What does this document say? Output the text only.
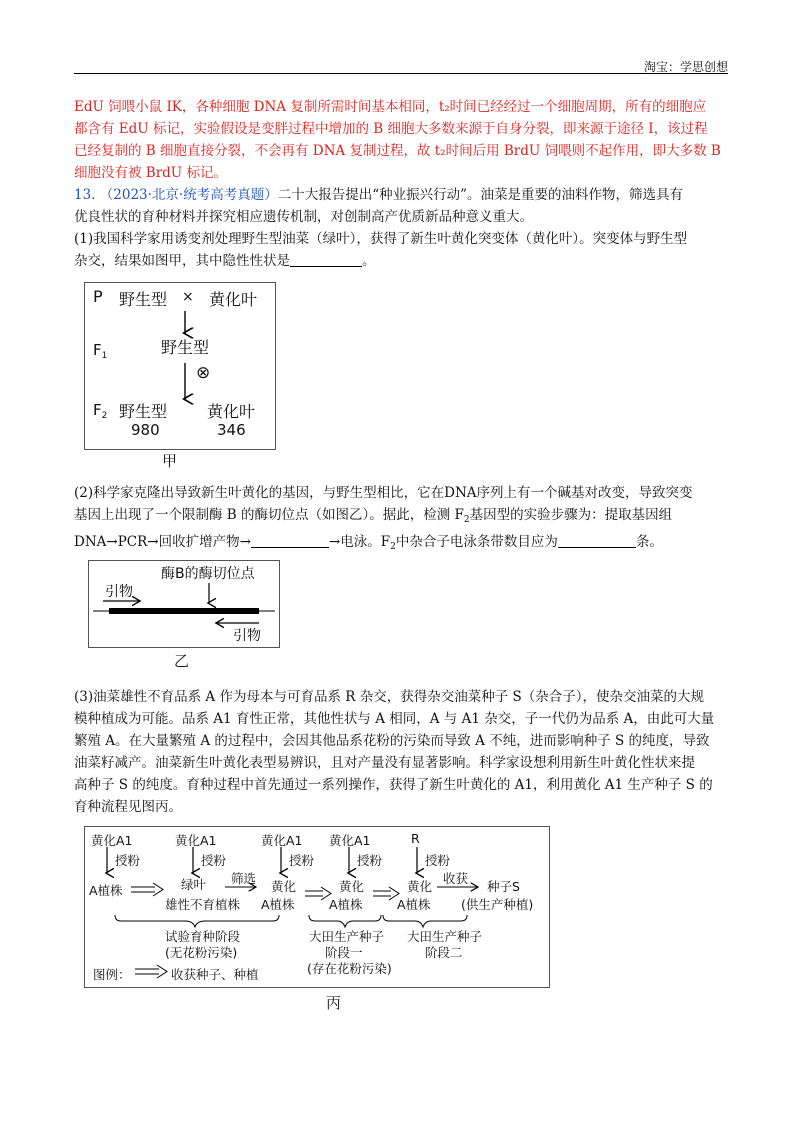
淘宝：学思创想
EdU 饲喂小鼠 IK，各种细胞 DNA 复制所需时间基本相同，t₂时间已经经过一个细胞周期，所有的细胞应
都含有 EdU 标记，实验假设是变胖过程中增加的 B 细胞大多数来源于自身分裂，即来源于途径 I，该过程
已经复制的 B 细胞直接分裂，不会再有 DNA 复制过程，故 t₂时间后用 BrdU 饲喂则不起作用，即大多数 B
细胞没有被 BrdU 标记。
13. （2023·北京·统考高考真题）二十大报告提出“种业振兴行动”。油菜是重要的油料作物，筛选具有
优良性状的育种材料并探究相应遗传机制，对创制高产优质新品种意义重大。
(1)我国科学家用诱变剂处理野生型油菜（绿叶），获得了新生叶黄化突变体（黄化叶）。突变体与野生型
杂交，结果如图甲，其中隐性性状是	。
P 野生型 × 黄化叶
$F_1$	野生型
⊗
$F_2$ 野生型 黄化叶
980	346
甲
(2)科学家克隆出导致新生叶黄化的基因，与野生型相比，它在DNA序列上有一个碱基对改变，导致突变
基因上出现了一个限制酶 B 的酶切位点（如图乙）。据此，检测 $F_2$基因型的实验步骤为：提取基因组
DNA→PCR→回收扩增产物→	→电泳。$F_2$中杂合子电泳条带数目应为	条。
酶B的酶切位点
引物
引物
乙
(3)油菜雄性不育品系 A 作为母本与可育品系 R 杂交，获得杂交油菜种子 S（杂合子），使杂交油菜的大规
模种植成为可能。品系 A1 育性正常，其他性状与 A 相同，A 与 A1 杂交，子一代仍为品系 A，由此可大量
繁殖 A。在大量繁殖 A 的过程中，会因其他品系花粉的污染而导致 A 不纯，进而影响种子 S 的纯度，导致
油菜籽减产。油菜新生叶黄化表型易辨识，且对产量没有显著影响。科学家设想利用新生叶黄化性状来提
高种子 S 的纯度。育种过程中首先通过一系列操作，获得了新生叶黄化的 A1，利用黄化 A1 生产种子 S 的
育种流程见图丙。
黄化A1	黄化A1	黄化A1 黄化A1	R
授粉	授粉	授粉	授粉	授粉
A植株	绿叶
雄性不育植株
筛选
黄化
A植株
黄化
A植株
黄化
A植株
收获
种子S
(供生产种植)
试验育种阶段
(无花粉污染)
大田生产种子
阶段一
(存在花粉污染)
大田生产种子
阶段二
图例：	收获种子、种植
丙
